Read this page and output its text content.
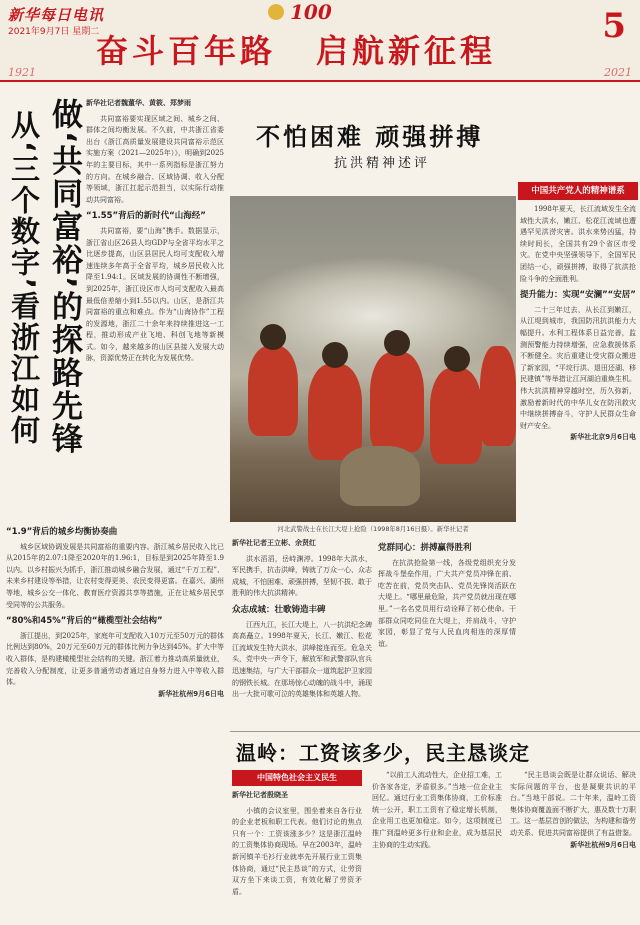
新华每日电讯
2021年9月7日 星期二
100
奋斗百年路 启航新征程
5
1921	2021
做‘共同富裕’的探路先锋
从‘三个数字’看浙江如何

新华社记者魏董华、黄筱、郑梦雨

共同富裕要实现区域之间、城乡之间、群体之间均衡发展。不久前，中共浙江省委出台《浙江高质量发展建设共同富裕示范区实施方案（2021—2025年）》，明确到2025年的主要目标，其中一系列指标是浙江努力的方向。在城乡融合、区域协调、收入分配等领域，浙江扛起示范担当，以实际行动推动共同富裕。

“1.55”背后的新时代“山海经”

共同富裕，要“山海”携手。数据显示，浙江省山区26县人均GDP与全省平均水平之比逐步提高，山区县居民人均可支配收入增速连续多年高于全省平均，城乡居民收入比降至1.94:1。区域发展的协调性不断增强，到2025年，浙江设区市人均可支配收入最高最低倍差缩小到1.55以内。山区，是浙江共同富裕的重点和难点。作为“山海协作”工程的发源地，浙江二十余年来持续推进这一工程，推动形成产业飞地、科创飞地等新模式。如今，越来越多的山区县接入发展大动脉，资源优势正在转化为发展优势。

“1.9”背后的城乡均衡协奏曲

城乡区域协调发展是共同富裕的重要内容。浙江城乡居民收入比已从2015年的2.07:1降至2020年的1.96:1，目标是到2025年降至1.9以内。以乡村振兴为抓手，浙江推动城乡融合发展，通过“千万工程”、未来乡村建设等举措，让农村变得更美、农民变得更富。在嘉兴、湖州等地，城乡公交一体化、教育医疗资源共享等措施，正在让城乡居民享受同等的公共服务。

“80%和45%”背后的“橄榄型社会结构”

浙江提出，到2025年，家庭年可支配收入10万元至50万元的群体比例达到80%，20万元至60万元的群体比例力争达到45%。扩大中等收入群体，是构建橄榄型社会结构的关键。浙江着力推动高质量就业，完善收入分配制度，让更多普通劳动者通过自身努力进入中等收入群体。

新华社杭州9月6日电

不怕困难 顽强拼搏
抗洪精神述评
中国共产党人的精神谱系
河北武警战士在长江大堤上抢险（1998年8月16日摄）。新华社记者

1998年夏天，长江流域发生全流域性大洪水，嫩江、松花江流域也遭遇罕见洪涝灾害。洪水来势凶猛，持续时间长，全国共有29个省区市受灾。在党中央坚强领导下，全国军民团结一心，顽强拼搏，取得了抗洪抢险斗争的全面胜利。

提升能力：实现“安澜”“安居”

二十三年过去，从长江到嫩江，从江堤到城市，我国防汛抗洪能力大幅提升。水利工程体系日益完善，监测预警能力持续增强，应急救援体系不断健全。灾后重建让受灾群众搬进了新家园，“平垸行洪、退田还湖、移民建镇”等举措让江河湖泊重焕生机。伟大抗洪精神穿越时空，历久弥新，激励着新时代的中华儿女在防汛救灾中继续拼搏奋斗，守护人民群众生命财产安全。

新华社北京9月6日电

新华社记者王立彬、余贤红

洪水滔滔，岳峙渊渟。1998年大洪水，军民携手，抗击洪峰，铸就了万众一心、众志成城，不怕困难、顽强拼搏，坚韧不拔、敢于胜利的伟大抗洪精神。

众志成城：壮歌铸造丰碑

江西九江，长江大堤上，八一抗洪纪念碑高高矗立。1998年夏天，长江、嫩江、松花江流域发生特大洪水，洪峰接连而至。危急关头，党中央一声令下，解放军和武警部队官兵迅速集结，与广大干部群众一道筑起护卫家园的钢铁长城。在那场惊心动魄的战斗中，涌现出一大批可歌可泣的英雄集体和英雄人物。

党群同心：拼搏赢得胜利

在抗洪抢险第一线，各级党组织充分发挥战斗堡垒作用，广大共产党员冲锋在前、吃苦在前，党员突击队、党员先锋岗活跃在大堤上。“哪里最危险，共产党员就出现在哪里。”一名名党员用行动诠释了初心使命。干部群众同吃同住在大堤上，并肩战斗，守护家园，彰显了党与人民血肉相连的深厚情谊。

温岭：工资该多少，民主恳谈定
中国特色社会主义民生

新华社记者殷晓圣

小镇的会议室里，围坐着来自各行业的企业老板和职工代表。他们讨论的焦点只有一个：工资该涨多少？这是浙江温岭的工资集体协商现场。早在2003年，温岭新河镇羊毛衫行业就率先开展行业工资集体协商，通过“民主恳谈”的方式，让劳资双方坐下来谈工资，有效化解了劳资矛盾。

“以前工人流动性大，企业招工难，工价各家各定，矛盾很多。”当地一位企业主回忆。通过行业工资集体协商，工价标准统一公开，职工工资有了稳定增长机制，企业用工也更加稳定。如今，这项制度已推广到温岭更多行业和企业，成为基层民主协商的生动实践。

“民主恳谈会既是让群众说话、解决实际问题的平台，也是凝聚共识的平台。”当地干部说。二十年来，温岭工资集体协商覆盖面不断扩大，惠及数十万职工。这一基层首创的做法，为构建和谐劳动关系、促进共同富裕提供了有益借鉴。

新华社杭州9月6日电
